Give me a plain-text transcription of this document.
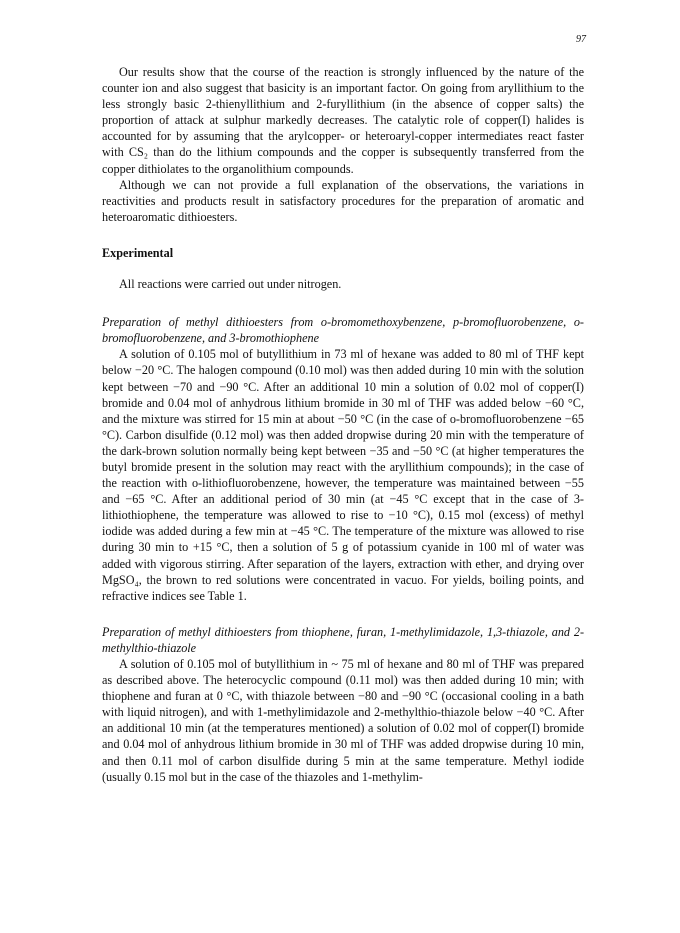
97

Our results show that the course of the reaction is strongly influenced by the nature of the counter ion and also suggest that basicity is an important factor. On going from aryllithium to the less strongly basic 2-thienyllithium and 2-furyllithium (in the absence of copper salts) the proportion of attack at sulphur markedly decreases. The catalytic role of copper(I) halides is accounted for by assuming that the arylcopper- or heteroaryl-copper intermediates react faster with CS₂ than do the lithium compounds and the copper is subsequently transferred from the copper dithiolates to the organolithium compounds.

Although we can not provide a full explanation of the observations, the variations in reactivities and products result in satisfactory procedures for the preparation of aromatic and heteroaromatic dithioesters.

Experimental

All reactions were carried out under nitrogen.

Preparation of methyl dithioesters from o-bromomethoxybenzene, p-bromofluorobenzene, o-bromofluorobenzene, and 3-bromothiophene

A solution of 0.105 mol of butyllithium in 73 ml of hexane was added to 80 ml of THF kept below −20 °C. The halogen compound (0.10 mol) was then added during 10 min with the solution kept between −70 and −90 °C. After an additional 10 min a solution of 0.02 mol of copper(I) bromide and 0.04 mol of anhydrous lithium bromide in 30 ml of THF was added below −60 °C, and the mixture was stirred for 15 min at about −50 °C (in the case of o-bromofluorobenzene −65 °C). Carbon disulfide (0.12 mol) was then added dropwise during 20 min with the temperature of the dark-brown solution normally being kept between −35 and −50 °C (at higher temperatures the butyl bromide present in the solution may react with the aryllithium compounds); in the case of the reaction with o-lithiofluorobenzene, however, the temperature was maintained between −55 and −65 °C. After an additional period of 30 min (at −45 °C except that in the case of 3-lithiothiophene, the temperature was allowed to rise to −10 °C), 0.15 mol (excess) of methyl iodide was added during a few min at −45 °C. The temperature of the mixture was allowed to rise during 30 min to +15 °C, then a solution of 5 g of potassium cyanide in 100 ml of water was added with vigorous stirring. After separation of the layers, extraction with ether, and drying over MgSO₄, the brown to red solutions were concentrated in vacuo. For yields, boiling points, and refractive indices see Table 1.

Preparation of methyl dithioesters from thiophene, furan, 1-methylimidazole, 1,3-thiazole, and 2-methylthio-thiazole

A solution of 0.105 mol of butyllithium in ~ 75 ml of hexane and 80 ml of THF was prepared as described above. The heterocyclic compound (0.11 mol) was then added during 10 min; with thiophene and furan at 0 °C, with thiazole between −80 and −90 °C (occasional cooling in a bath with liquid nitrogen), and with 1-methylimidazole and 2-methylthio-thiazole below −40 °C. After an additional 10 min (at the temperatures mentioned) a solution of 0.02 mol of copper(I) bromide and 0.04 mol of anhydrous lithium bromide in 30 ml of THF was added dropwise during 10 min, and then 0.11 mol of carbon disulfide during 5 min at the same temperature. Methyl iodide (usually 0.15 mol but in the case of the thiazoles and 1-methylim-
